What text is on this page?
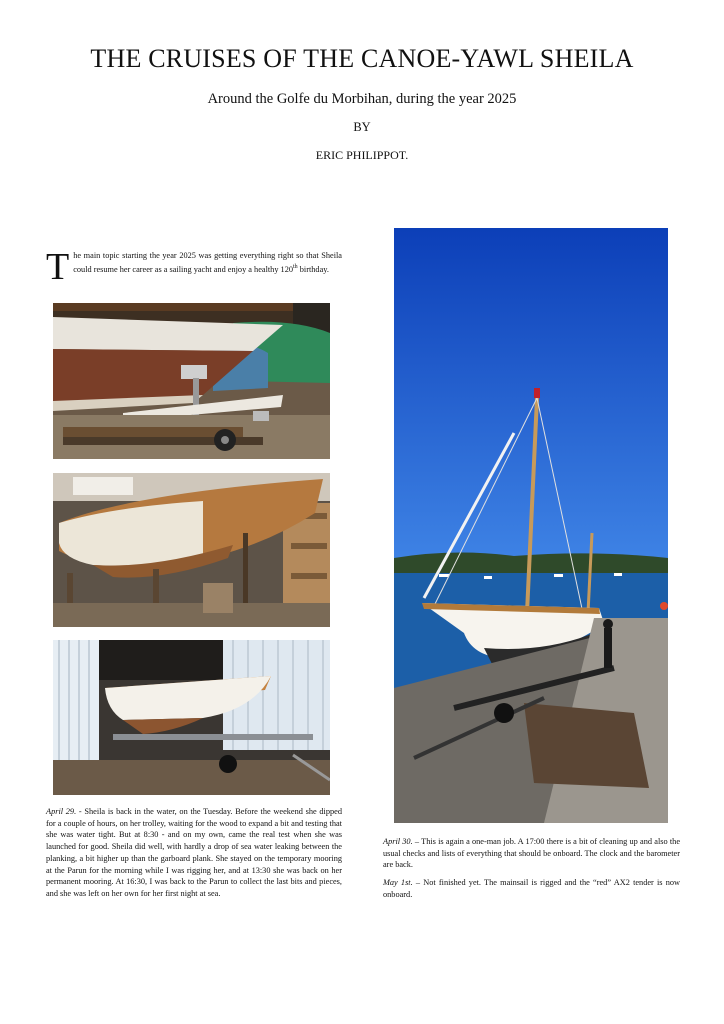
THE CRUISES OF THE CANOE-YAWL SHEILA
Around the Golfe du Morbihan, during the year 2025
BY
ERIC PHILIPPOT.
The main topic starting the year 2025 was getting everything right so that Sheila could resume her career as a sailing yacht and enjoy a healthy 120th birthday.
April 29. - Sheila is back in the water, on the Tuesday. Before the weekend she dipped for a couple of hours, on her trolley, waiting for the wood to expand a bit and testing that she was water tight. But at 8:30 - and on my own, came the real test when she was launched for good. Sheila did well, with hardly a drop of sea water leaking between the planking, a bit higher up than the garboard plank. She stayed on the temporary mooring at the Parun for the morning while I was rigging her, and at 13:30 she was back on her permanent mooring. At 16:30, I was back to the Parun to collect the last bits and pieces, and she was left on her own for her first night at sea.

April 30. – This is again a one-man job. A 17:00 there is a bit of cleaning up and also the usual checks and lists of everything that should be onboard. The clock and the barometer are back.

May 1st. – Not finished yet. The mainsail is rigged and the “red” AX2 tender is now onboard.
